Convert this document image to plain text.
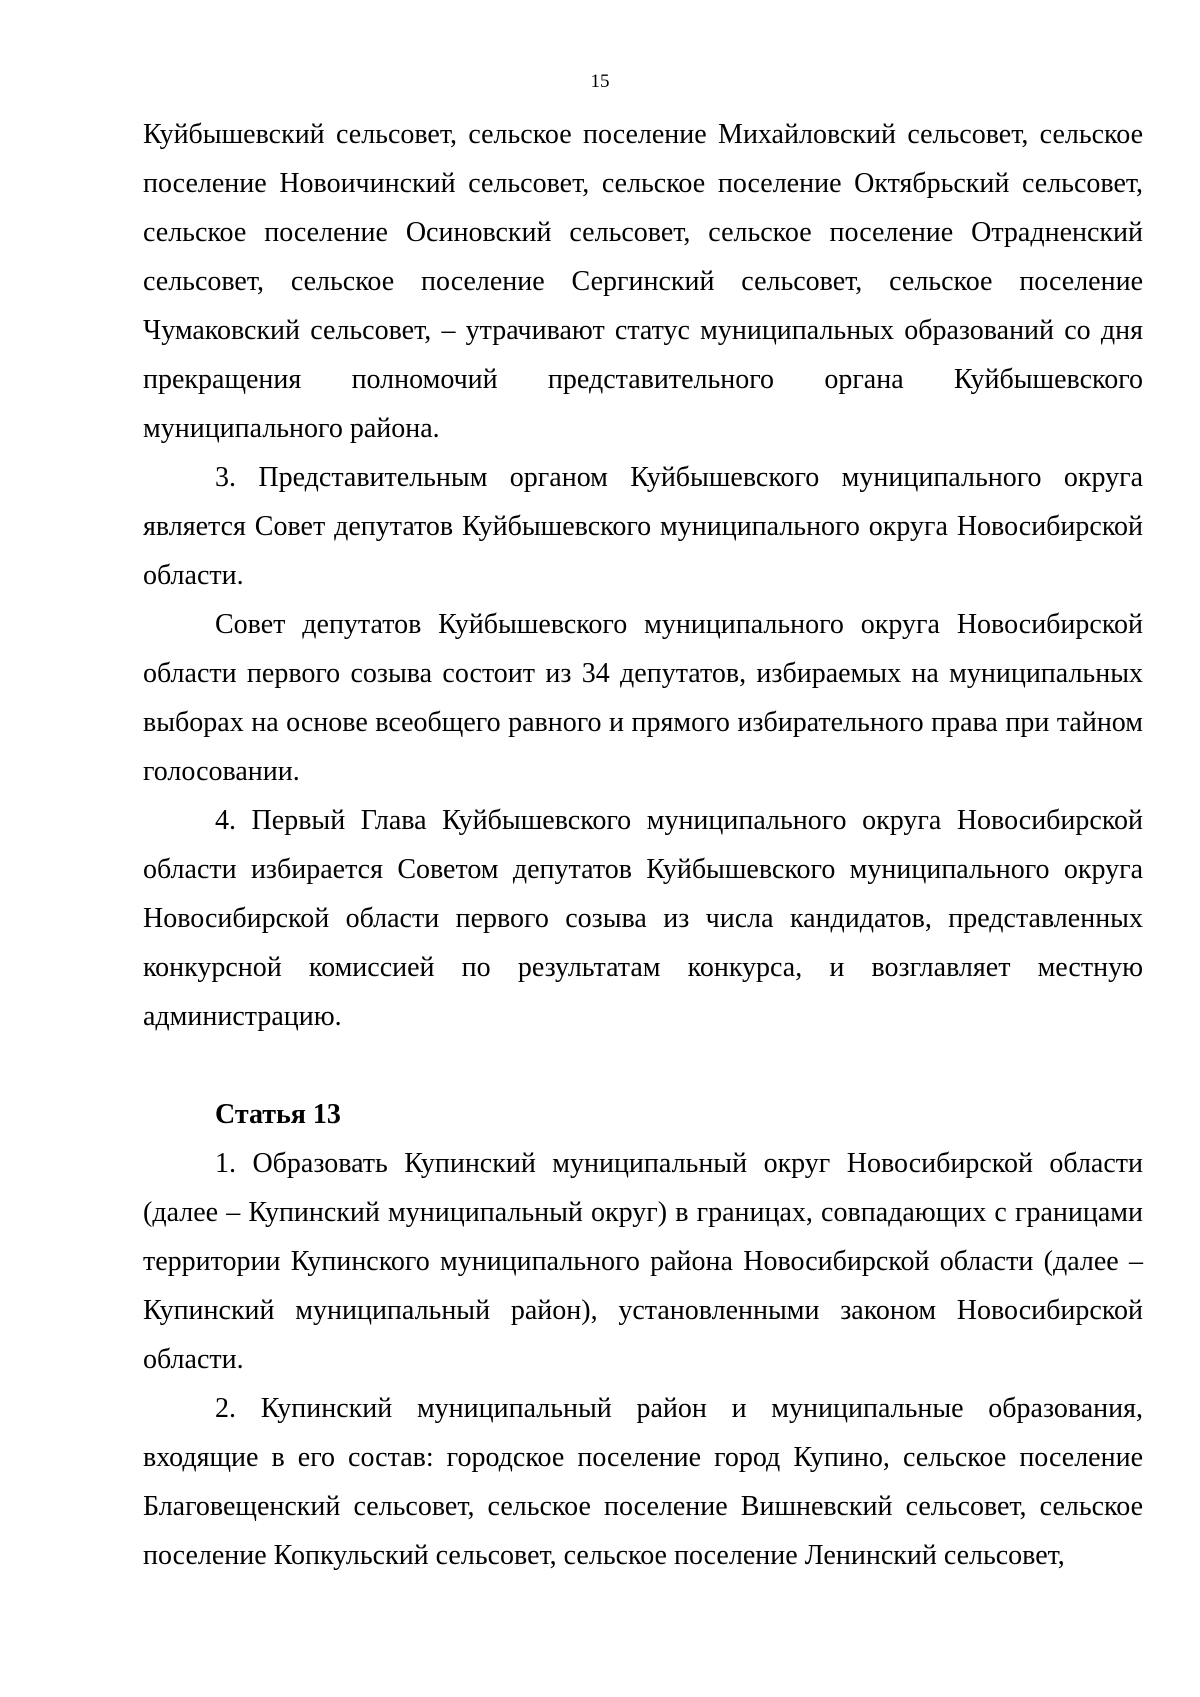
15

Куйбышевский сельсовет, сельское поселение Михайловский сельсовет, сельское поселение Новоичинский сельсовет, сельское поселение Октябрьский сельсовет, сельское поселение Осиновский сельсовет, сельское поселение Отрадненский сельсовет, сельское поселение Сергинский сельсовет, сельское поселение Чумаковский сельсовет, – утрачивают статус муниципальных образований со дня прекращения полномочий представительного органа Куйбышевского муниципального района.

3. Представительным органом Куйбышевского муниципального округа является Совет депутатов Куйбышевского муниципального округа Новосибирской области.

Совет депутатов Куйбышевского муниципального округа Новосибирской области первого созыва состоит из 34 депутатов, избираемых на муниципальных выборах на основе всеобщего равного и прямого избирательного права при тайном голосовании.

4. Первый Глава Куйбышевского муниципального округа Новосибирской области избирается Советом депутатов Куйбышевского муниципального округа Новосибирской области первого созыва из числа кандидатов, представленных конкурсной комиссией по результатам конкурса, и возглавляет местную администрацию.

Статья 13

1. Образовать Купинский муниципальный округ Новосибирской области (далее – Купинский муниципальный округ) в границах, совпадающих с границами территории Купинского муниципального района Новосибирской области (далее – Купинский муниципальный район), установленными законом Новосибирской области.

2. Купинский муниципальный район и муниципальные образования, входящие в его состав: городское поселение город Купино, сельское поселение Благовещенский сельсовет, сельское поселение Вишневский сельсовет, сельское поселение Копкульский сельсовет, сельское поселение Ленинский сельсовет,
